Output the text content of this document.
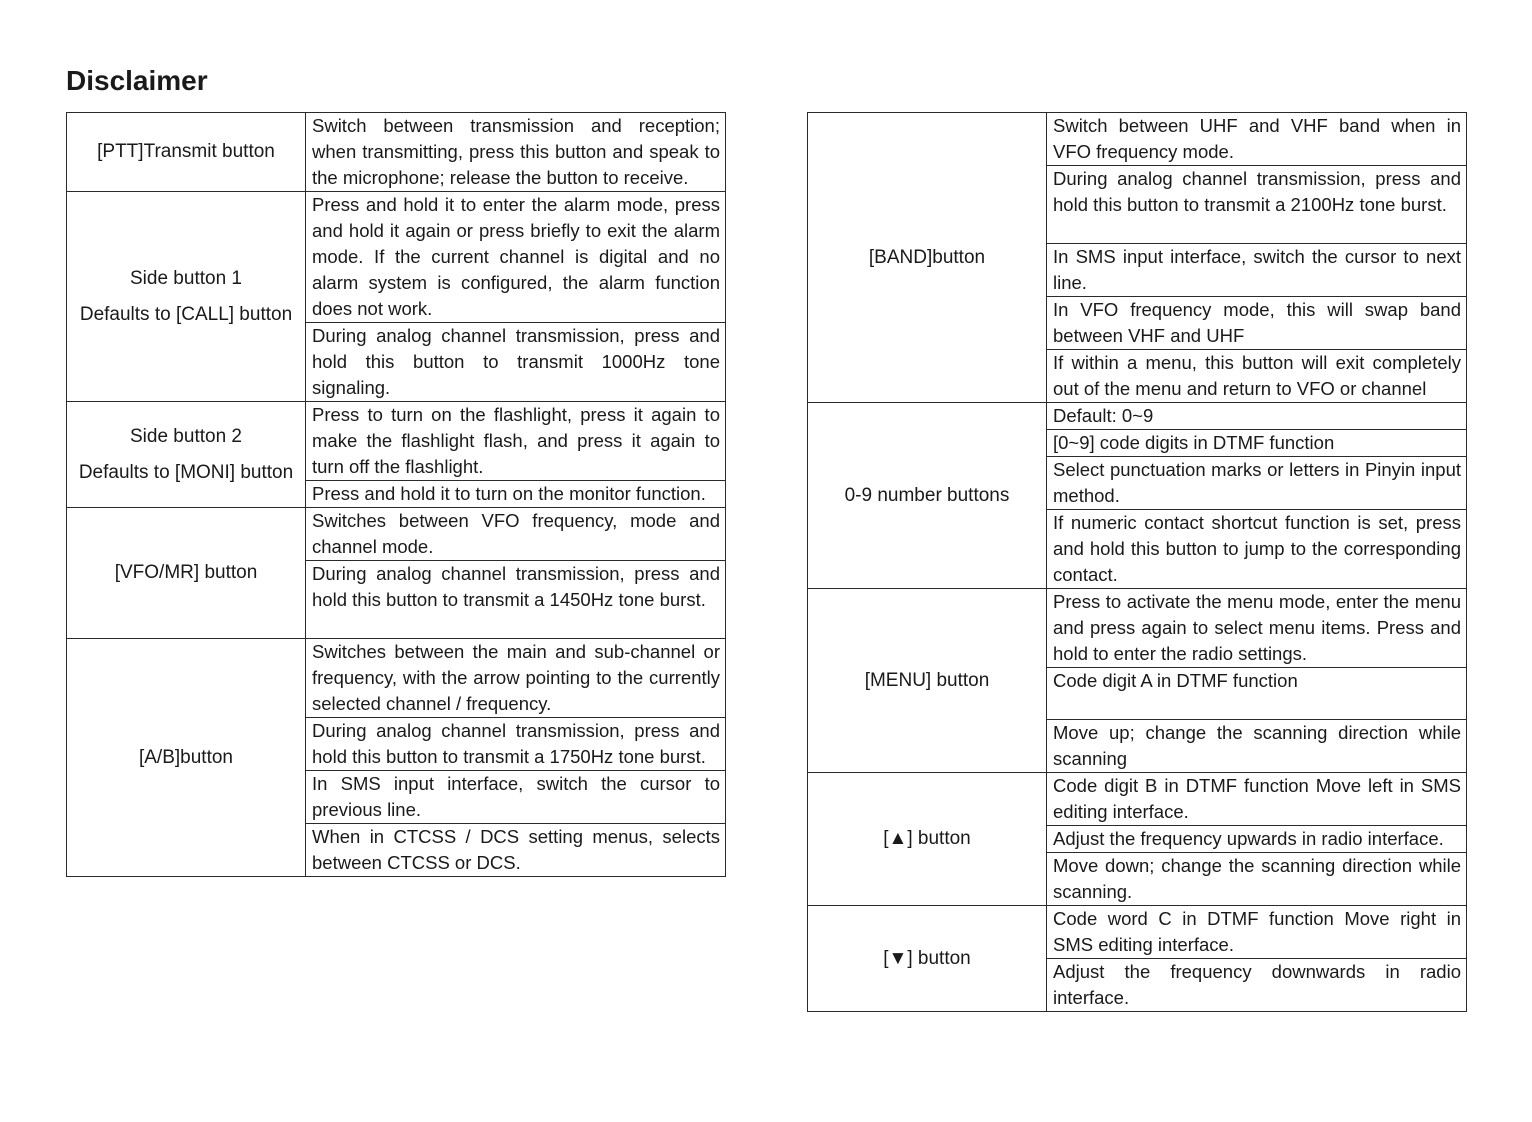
Disclaimer
[PTT]Transmit button	Switch between transmission and reception; when transmitting, press this button and speak to the microphone; release the button to receive.

Side button 1
Defaults to [CALL] button	Press and hold it to enter the alarm mode, press and hold it again or press briefly to exit the alarm mode. If the current channel is digital and no alarm system is configured, the alarm function does not work.

	During analog channel transmission, press and hold this button to transmit 1000Hz tone signaling.

Side button 2
Defaults to [MONI] button	Press to turn on the flashlight, press it again to make the flashlight flash, and press it again to turn off the flashlight.

	Press and hold it to turn on the monitor function.

[VFO/MR] button	Switches between VFO frequency, mode and channel mode.

	During analog channel transmission, press and hold this button to transmit a 1450Hz tone burst.

[A/B]button	Switches between the main and sub-channel or frequency, with the arrow pointing to the currently selected channel / frequency.

	During analog channel transmission, press and hold this button to transmit a 1750Hz tone burst.

	In SMS input interface, switch the cursor to previous line.

	When in CTCSS / DCS setting menus, selects between CTCSS or DCS.
[BAND]button	Switch between UHF and VHF band when in VFO frequency mode.

	During analog channel transmission, press and hold this button to transmit a 2100Hz tone burst.

	In SMS input interface, switch the cursor to next line.

	In VFO frequency mode, this will swap band between VHF and UHF

	If within a menu, this button will exit completely out of the menu and return to VFO or channel

0-9 number buttons	Default: 0~9

	[0~9] code digits in DTMF function

	Select punctuation marks or letters in Pinyin input method.

	If numeric contact shortcut function is set, press and hold this button to jump to the corresponding contact.

[MENU] button	Press to activate the menu mode, enter the menu and press again to select menu items. Press and hold to enter the radio settings.

	Code digit A in DTMF function

	Move up; change the scanning direction while scanning

[▲] button	Code digit B in DTMF function Move left in SMS editing interface.

	Adjust the frequency upwards in radio interface.

	Move down; change the scanning direction while scanning.

[▼] button	Code word C in DTMF function Move right in SMS editing interface.

	Adjust the frequency downwards in radio interface.
